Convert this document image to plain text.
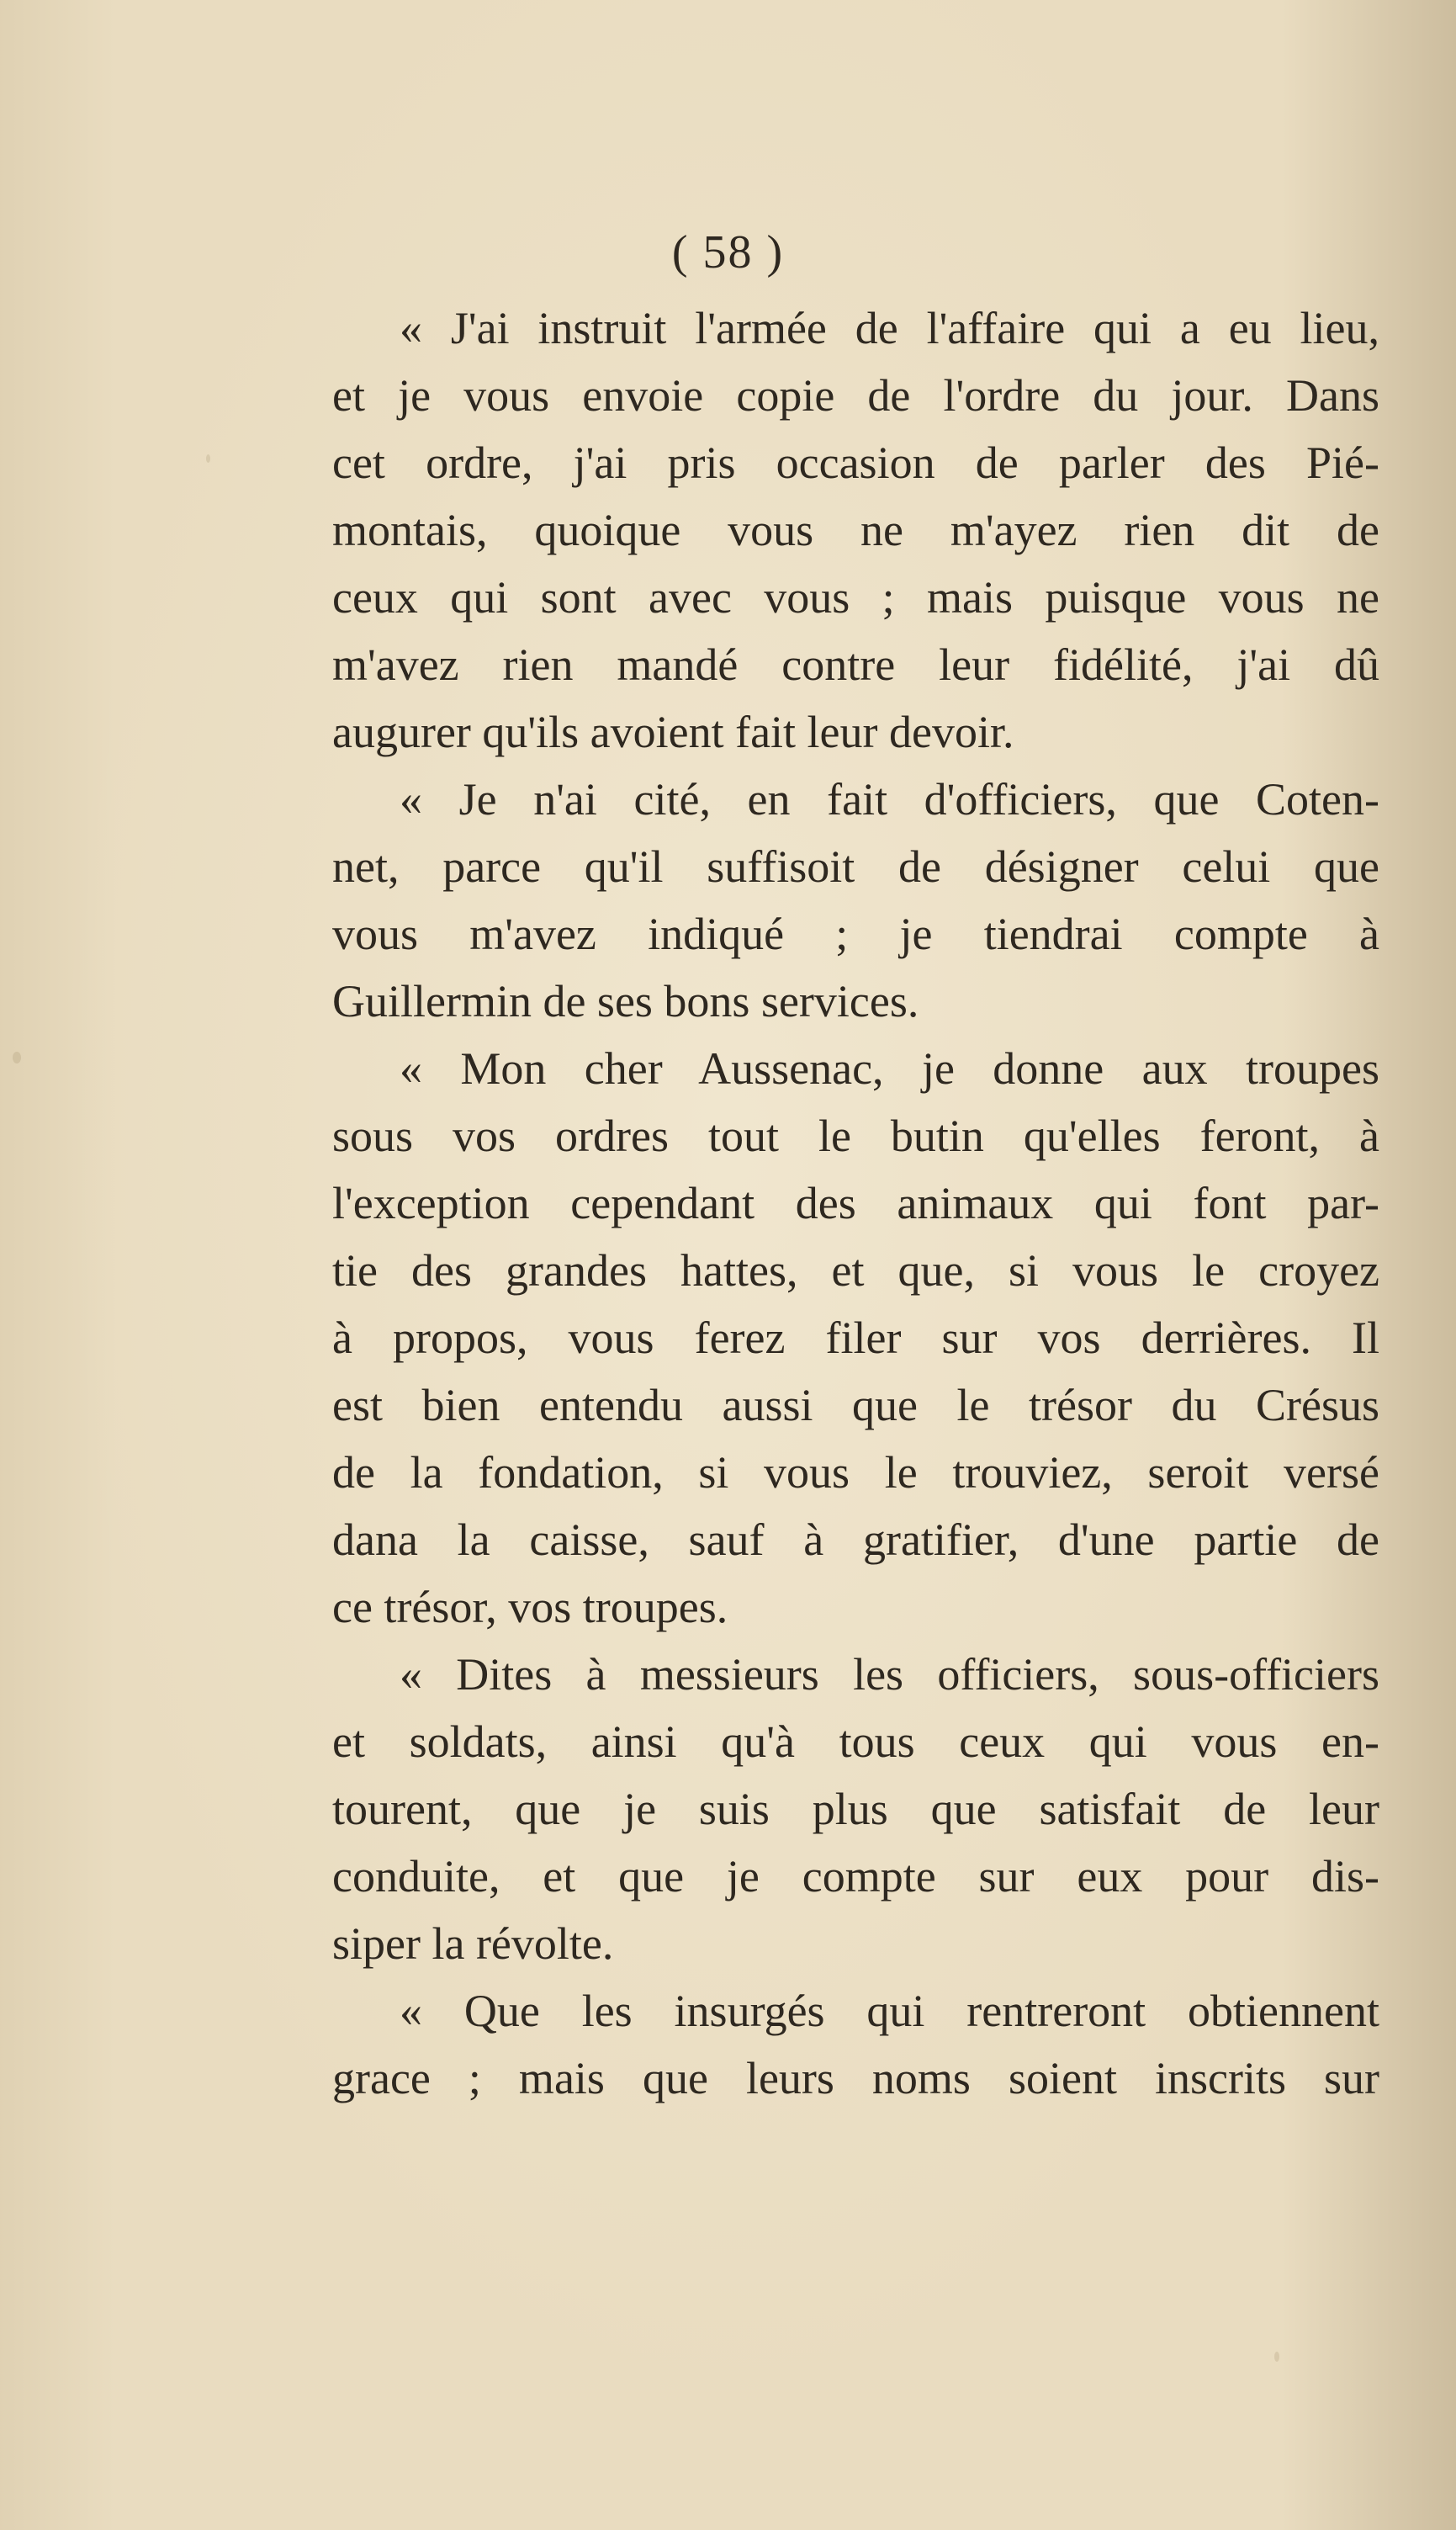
( 58 )
« J'ai instruit l'armée de l'affaire qui a eu lieu,
et je vous envoie copie de l'ordre du jour. Dans
cet ordre, j'ai pris occasion de parler des Pié-
montais, quoique vous ne m'ayez rien dit de
ceux qui sont avec vous ; mais puisque vous ne
m'avez rien mandé contre leur fidélité, j'ai dû
augurer qu'ils avoient fait leur devoir.
« Je n'ai cité, en fait d'officiers, que Coten-
net, parce qu'il suffisoit de désigner celui que
vous m'avez indiqué ; je tiendrai compte à
Guillermin de ses bons services.
« Mon cher Aussenac, je donne aux troupes
sous vos ordres tout le butin qu'elles feront, à
l'exception cependant des animaux qui font par-
tie des grandes hattes, et que, si vous le croyez
à propos, vous ferez filer sur vos derrières. Il
est bien entendu aussi que le trésor du Crésus
de la fondation, si vous le trouviez, seroit versé
dana la caisse, sauf à gratifier, d'une partie de
ce trésor, vos troupes.
« Dites à messieurs les officiers, sous-officiers
et soldats, ainsi qu'à tous ceux qui vous en-
tourent, que je suis plus que satisfait de leur
conduite, et que je compte sur eux pour dis-
siper la révolte.
« Que les insurgés qui rentreront obtiennent
grace ; mais que leurs noms soient inscrits sur
